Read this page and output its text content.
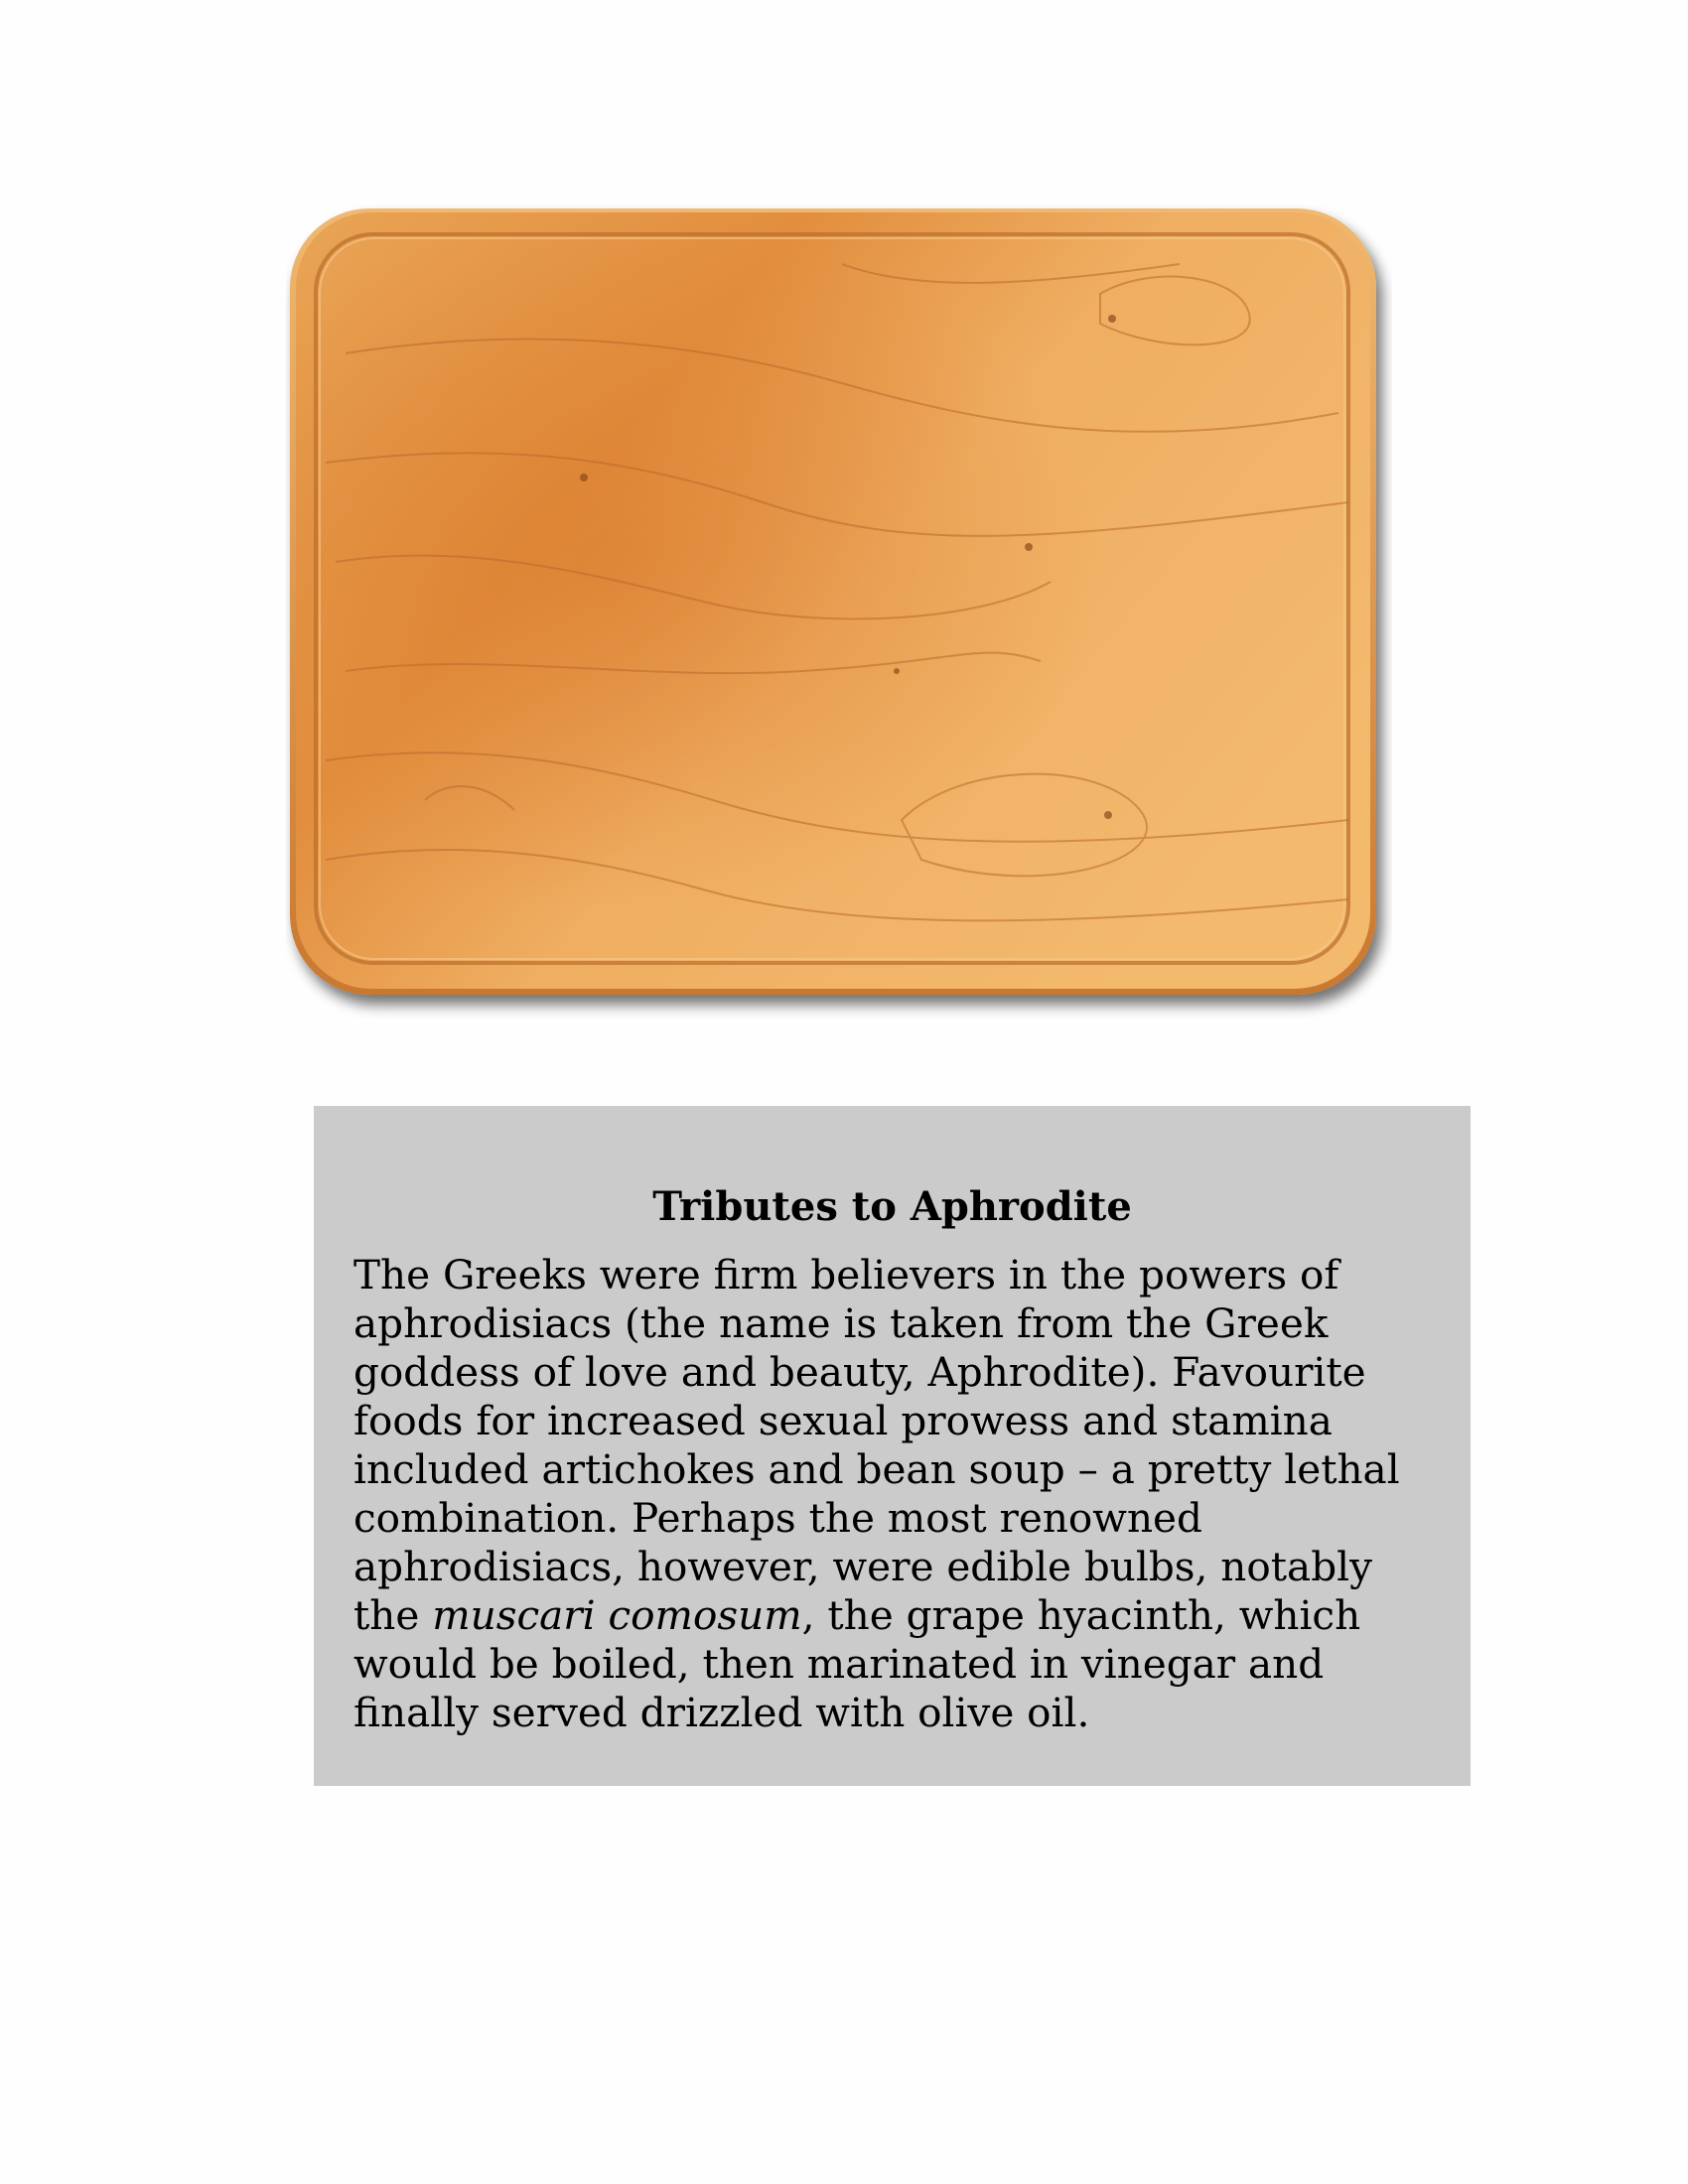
Tributes to Aphrodite

The Greeks were firm believers in the powers of aphrodisiacs (the name is taken from the Greek goddess of love and beauty, Aphrodite). Favourite foods for increased sexual prowess and stamina included artichokes and bean soup – a pretty lethal combination. Perhaps the most renowned aphrodisiacs, however, were edible bulbs, notably the muscari comosum, the grape hyacinth, which would be boiled, then marinated in vinegar and finally served drizzled with olive oil.
